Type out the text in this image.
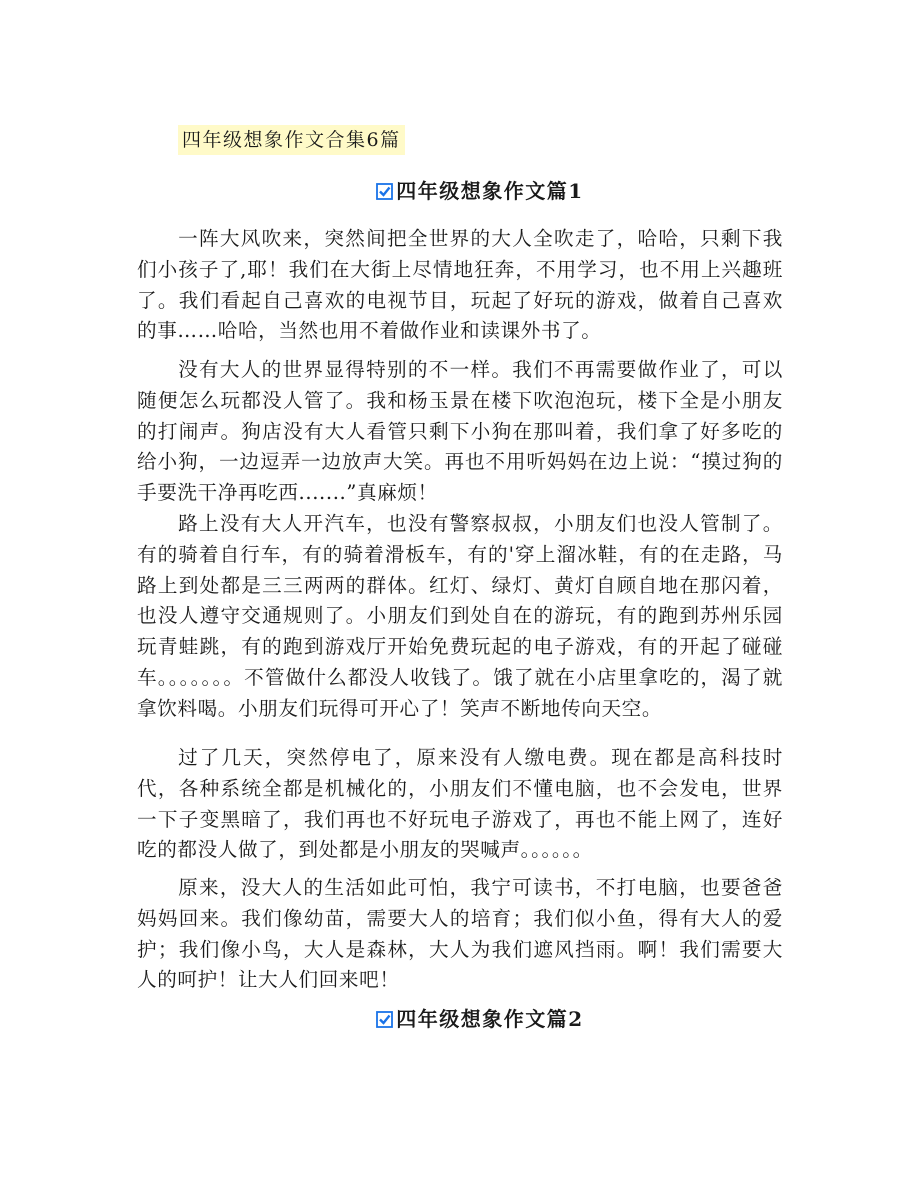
四年级想象作文合集6篇
四年级想象作文篇1

一阵大风吹来，突然间把全世界的大人全吹走了，哈哈，只剩下我们小孩子了,耶！我们在大街上尽情地狂奔，不用学习，也不用上兴趣班了。我们看起自己喜欢的电视节目，玩起了好玩的游戏，做着自己喜欢的事……哈哈，当然也用不着做作业和读课外书了。

没有大人的世界显得特别的不一样。我们不再需要做作业了，可以随便怎么玩都没人管了。我和杨玉景在楼下吹泡泡玩，楼下全是小朋友的打闹声。狗店没有大人看管只剩下小狗在那叫着，我们拿了好多吃的给小狗，一边逗弄一边放声大笑。再也不用听妈妈在边上说：“摸过狗的手要洗干净再吃西.......”真麻烦！

路上没有大人开汽车，也没有警察叔叔，小朋友们也没人管制了。有的骑着自行车，有的骑着滑板车，有的'穿上溜冰鞋，有的在走路，马路上到处都是三三两两的群体。红灯、绿灯、黄灯自顾自地在那闪着，也没人遵守交通规则了。小朋友们到处自在的游玩，有的跑到苏州乐园玩青蛙跳，有的跑到游戏厅开始免费玩起的电子游戏，有的开起了碰碰车。。。。。。。不管做什么都没人收钱了。饿了就在小店里拿吃的，渴了就拿饮料喝。小朋友们玩得可开心了！笑声不断地传向天空。

过了几天，突然停电了，原来没有人缴电费。现在都是高科技时代，各种系统全都是机械化的，小朋友们不懂电脑，也不会发电，世界一下子变黑暗了，我们再也不好玩电子游戏了，再也不能上网了，连好吃的都没人做了，到处都是小朋友的哭喊声。。。。。。

原来，没大人的生活如此可怕，我宁可读书，不打电脑，也要爸爸妈妈回来。我们像幼苗，需要大人的培育；我们似小鱼，得有大人的爱护；我们像小鸟，大人是森林，大人为我们遮风挡雨。啊！我们需要大人的呵护！让大人们回来吧！

四年级想象作文篇2
